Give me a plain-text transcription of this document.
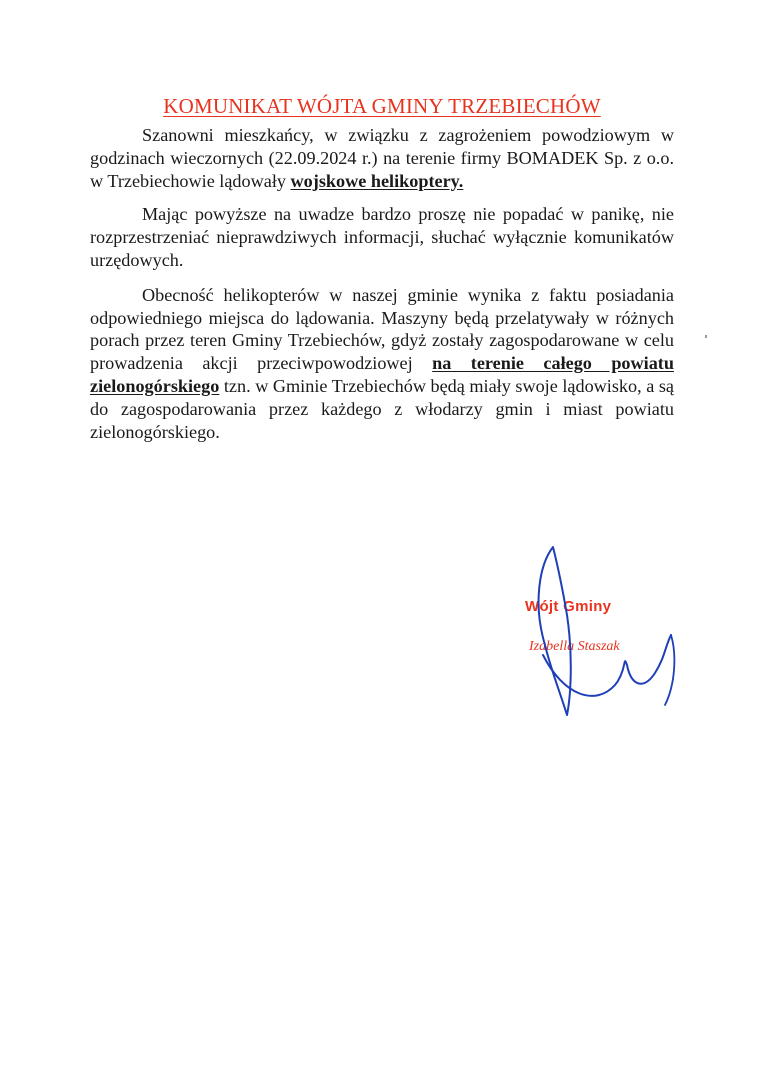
KOMUNIKAT WÓJTA GMINY TRZEBIECHÓW

Szanowni mieszkańcy, w związku z zagrożeniem powodziowym w godzinach wieczornych (22.09.2024 r.) na terenie firmy BOMADEK Sp. z o.o. w Trzebiechowie lądowały wojskowe helikoptery.

Mając powyższe na uwadze bardzo proszę nie popadać w panikę, nie rozprzestrzeniać nieprawdziwych informacji, słuchać wyłącznie komunikatów urzędowych.

Obecność helikopterów w naszej gminie wynika z faktu posiadania odpowiedniego miejsca do lądowania. Maszyny będą przelatywały w różnych porach przez teren Gminy Trzebiechów, gdyż zostały zagospodarowane w celu prowadzenia akcji przeciwpowodziowej na terenie całego powiatu zielonogórskiego tzn. w Gminie Trzebiechów będą miały swoje lądowisko, a są do zagospodarowania przez każdego z włodarzy gmin i miast powiatu zielonogórskiego.

Wójt Gminy
Izabella Staszak
